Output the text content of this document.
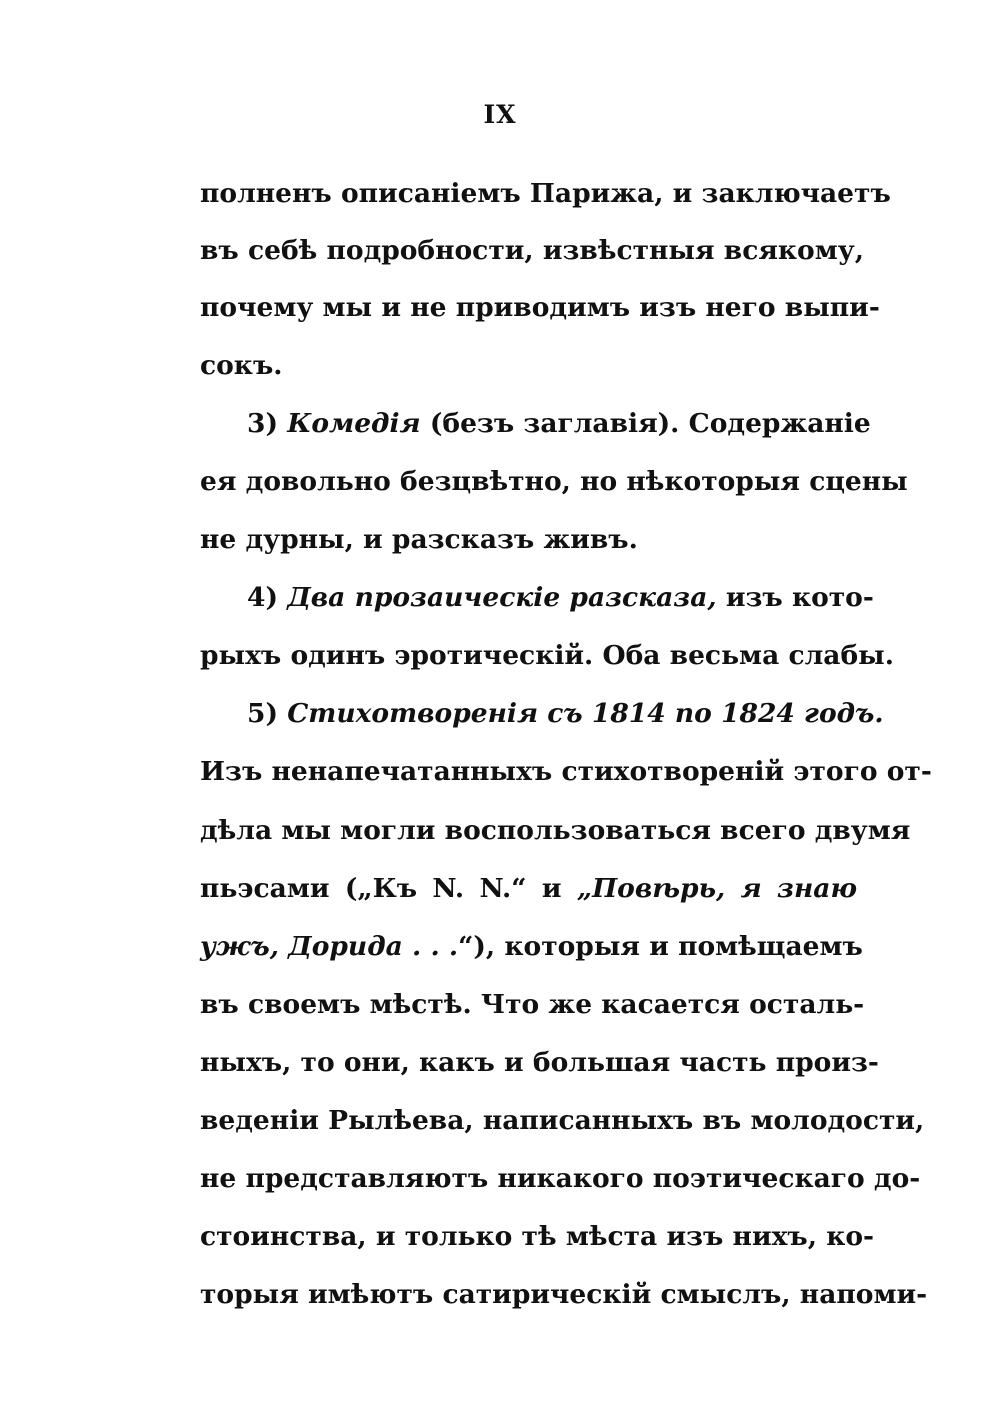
IX
полненъ описаніемъ Парижа, и заключаетъ
въ себѣ подробности, извѣстныя всякому,
почему мы и не приводимъ изъ него выпи-
сокъ.
3) Комедія (безъ заглавія). Содержаніе
ея довольно безцвѣтно, но нѣкоторыя сцены
не дурны, и разсказъ живъ.
4) Два прозаическіе разсказа, изъ кото-
рыхъ одинъ эротическій. Оба весьма слабы.
5) Стихотворенія съ 1814 по 1824 годъ.
Изъ ненапечатанныхъ стихотвореній этого от-
дѣла мы могли воспользоваться всего двумя
пьэсами („Къ N. N.“ и „Повѣрь, я знаю
ужъ, Дорида . . .“), которыя и помѣщаемъ
въ своемъ мѣстѣ. Что же касается осталь-
ныхъ, то они, какъ и большая часть произ-
веденіи Рылѣева, написанныхъ въ молодости,
не представляютъ никакого поэтическаго до-
стоинства, и только тѣ мѣста изъ нихъ, ко-
торыя имѣютъ сатирическій смыслъ, напоми-
